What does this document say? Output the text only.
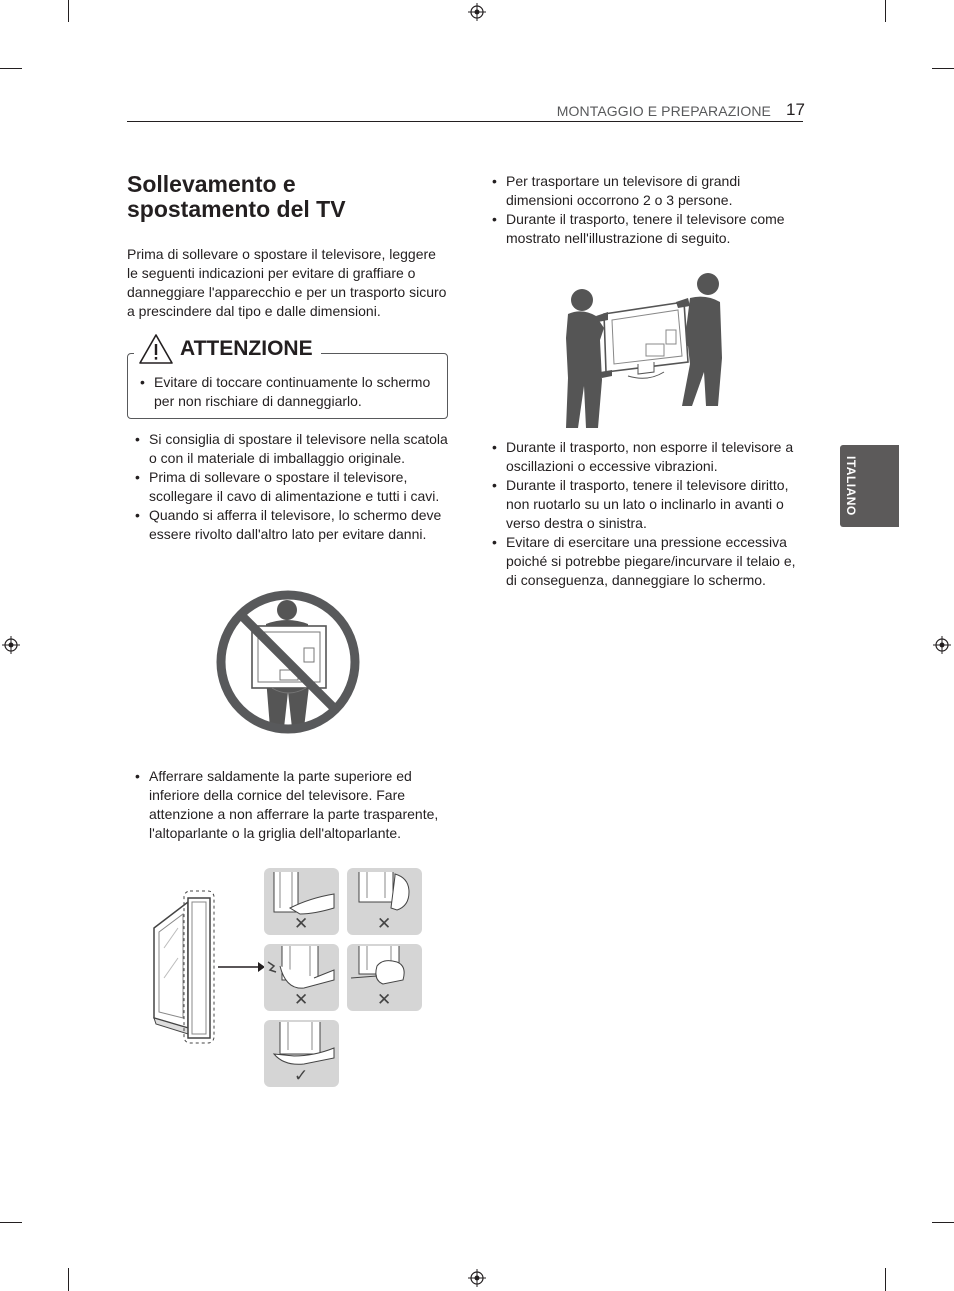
MONTAGGIO E PREPARAZIONE 17
ITALIANO
Sollevamento e
spostamento del TV
Prima di sollevare o spostare il televisore, leggere le seguenti indicazioni per evitare di graffiare o danneggiare l'apparecchio e per un trasporto sicuro a prescindere dal tipo e dalle dimensioni.
ATTENZIONE
• Evitare di toccare continuamente lo schermo per non rischiare di danneggiarlo.
• Si consiglia di spostare il televisore nella scatola o con il materiale di imballaggio originale.
• Prima di sollevare o spostare il televisore, scollegare il cavo di alimentazione e tutti i cavi.
• Quando si afferra il televisore, lo schermo deve essere rivolto dall'altro lato per evitare danni.
• Afferrare saldamente la parte superiore ed inferiore della cornice del televisore. Fare attenzione a non afferrare la parte trasparente, l'altoparlante o la griglia dell'altoparlante.
✕	✕
✕	✕
✓
• Per trasportare un televisore di grandi dimensioni occorrono 2 o 3 persone.
• Durante il trasporto, tenere il televisore come mostrato nell'illustrazione di seguito.
• Durante il trasporto, non esporre il televisore a oscillazioni o eccessive vibrazioni.
• Durante il trasporto, tenere il televisore diritto, non ruotarlo su un lato o inclinarlo in avanti o verso destra o sinistra.
• Evitare di esercitare una pressione eccessiva poiché si potrebbe piegare/incurvare il telaio e, di conseguenza, danneggiare lo schermo.
